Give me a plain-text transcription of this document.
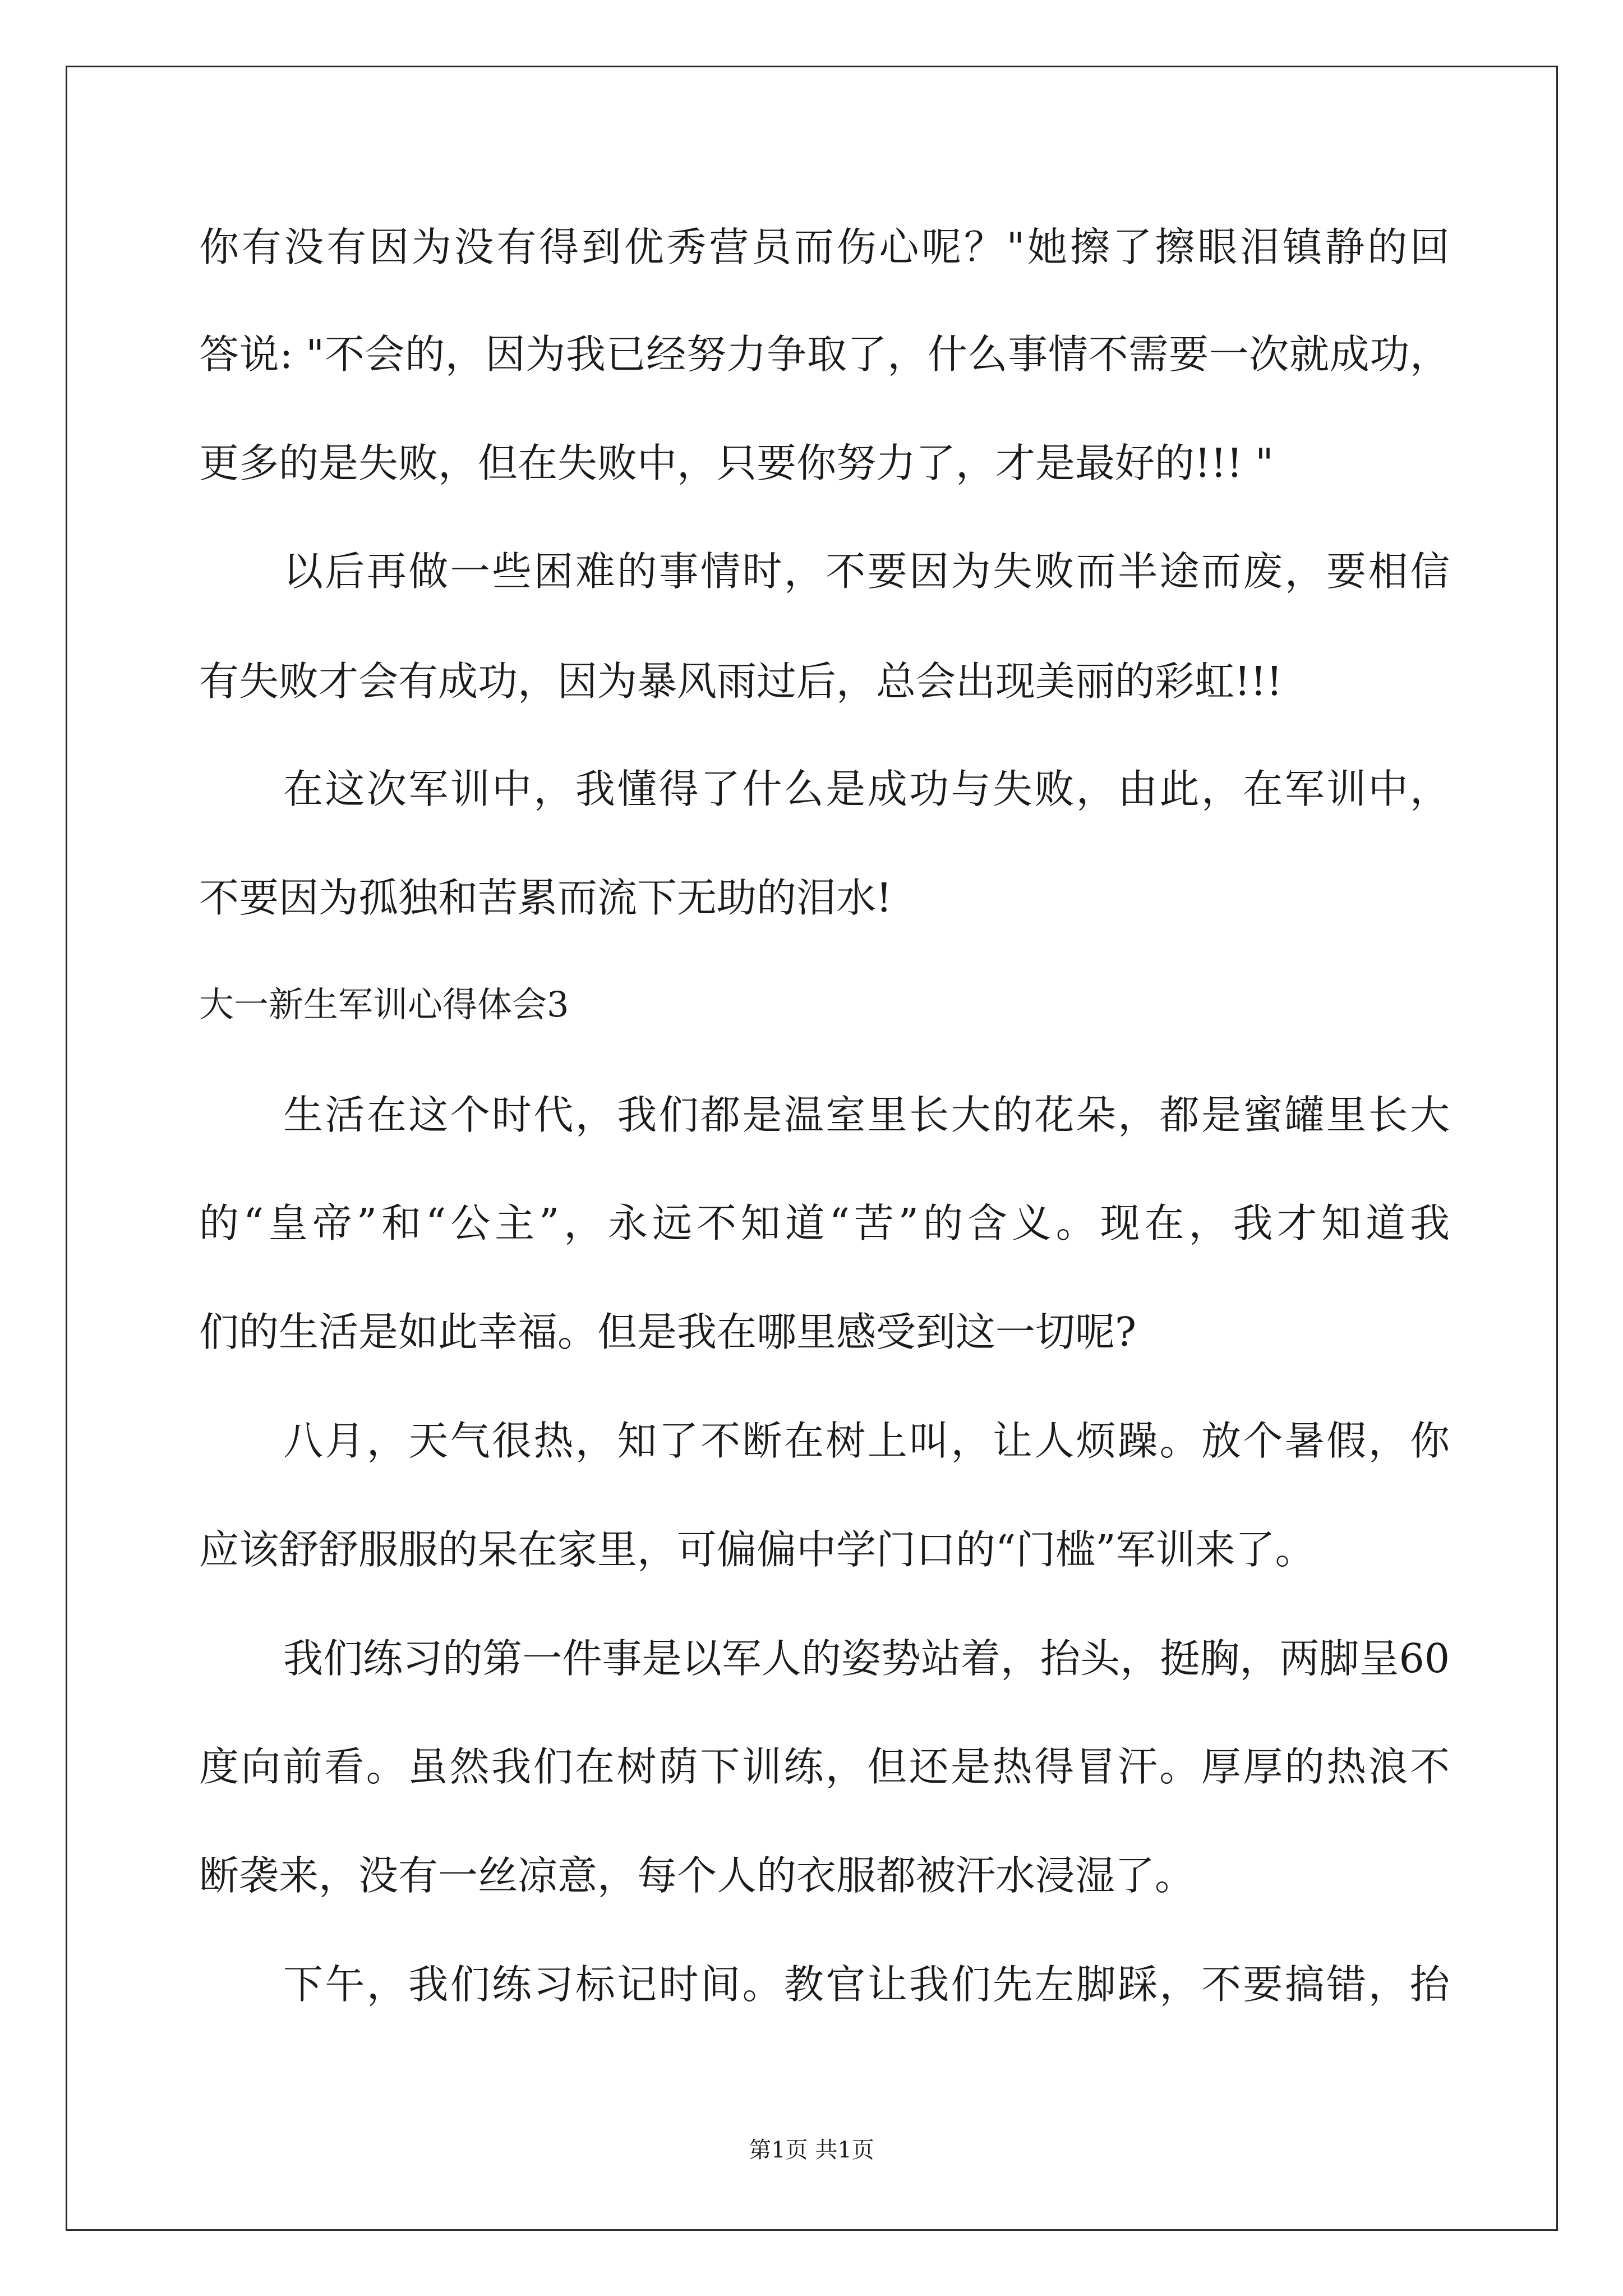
你有没有因为没有得到优秀营员而伤心呢？"她擦了擦眼泪镇静的回
答说: "不会的，因为我已经努力争取了，什么事情不需要一次就成功，
更多的是失败，但在失败中，只要你努力了，才是最好的!!! "
以后再做一些困难的事情时，不要因为失败而半途而废，要相信
有失败才会有成功，因为暴风雨过后，总会出现美丽的彩虹!!!
在这次军训中，我懂得了什么是成功与失败，由此，在军训中，
不要因为孤独和苦累而流下无助的泪水!
大一新生军训心得体会3
生活在这个时代，我们都是温室里长大的花朵，都是蜜罐里长大
的“皇帝”和“公主”，永远不知道“苦”的含义。现在，我才知道我
们的生活是如此幸福。但是我在哪里感受到这一切呢?
八月，天气很热，知了不断在树上叫，让人烦躁。放个暑假，你
应该舒舒服服的呆在家里，可偏偏中学门口的“门槛”军训来了。
我们练习的第一件事是以军人的姿势站着，抬头，挺胸，两脚呈60
度向前看。虽然我们在树荫下训练，但还是热得冒汗。厚厚的热浪不
断袭来，没有一丝凉意，每个人的衣服都被汗水浸湿了。
下午，我们练习标记时间。教官让我们先左脚踩，不要搞错，抬
第1页 共1页
